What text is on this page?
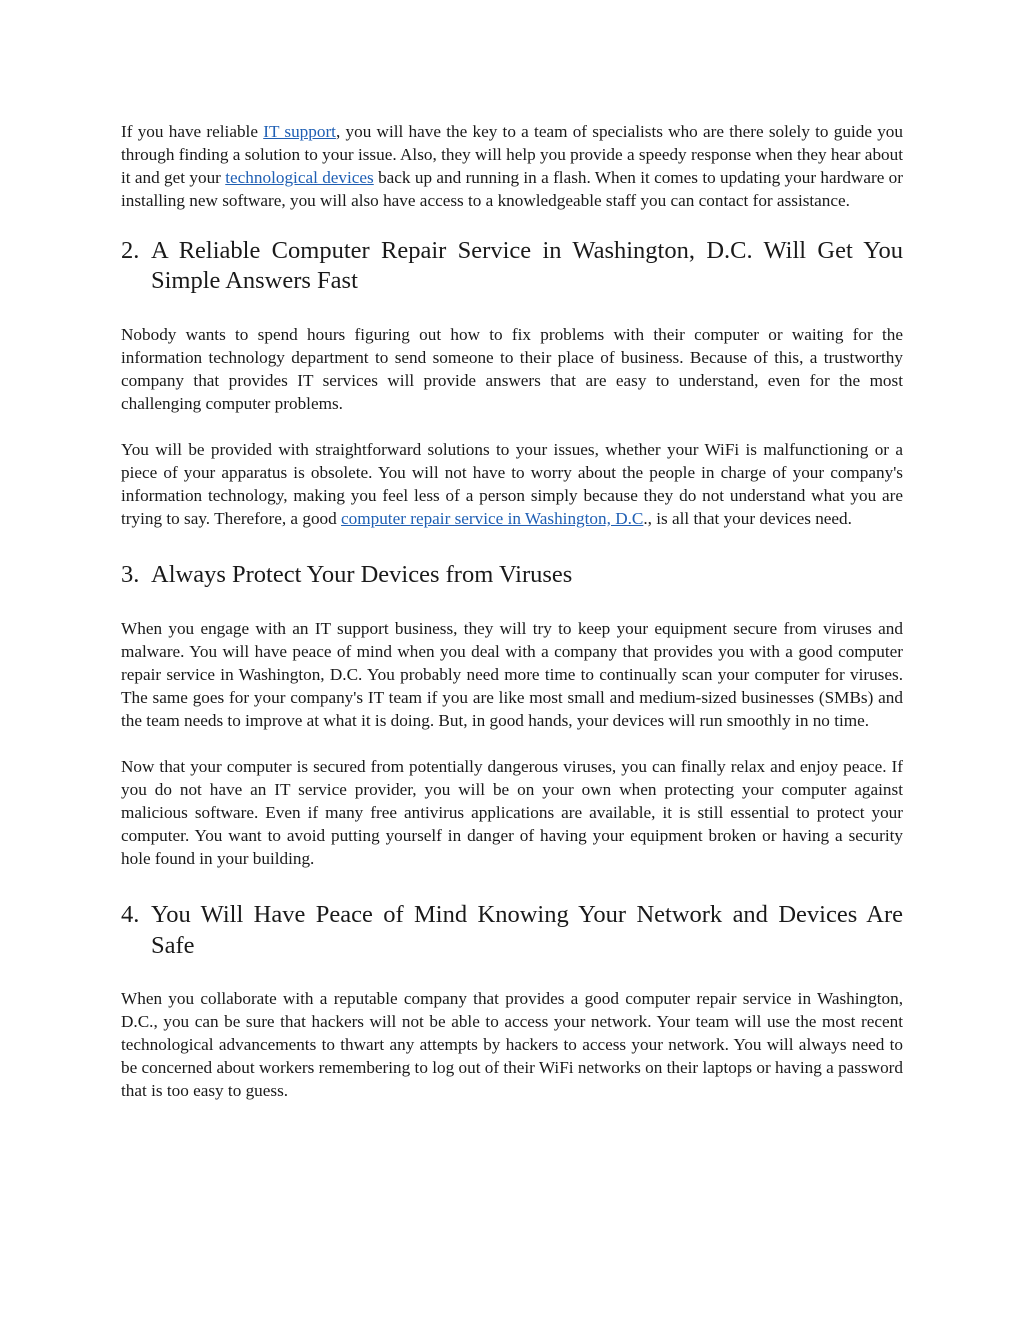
If you have reliable IT support, you will have the key to a team of specialists who are there solely to guide you through finding a solution to your issue. Also, they will help you provide a speedy response when they hear about it and get your technological devices back up and running in a flash. When it comes to updating your hardware or installing new software, you will also have access to a knowledgeable staff you can contact for assistance.

2. A Reliable Computer Repair Service in Washington, D.C. Will Get You Simple Answers Fast

Nobody wants to spend hours figuring out how to fix problems with their computer or waiting for the information technology department to send someone to their place of business. Because of this, a trustworthy company that provides IT services will provide answers that are easy to understand, even for the most challenging computer problems.

You will be provided with straightforward solutions to your issues, whether your WiFi is malfunctioning or a piece of your apparatus is obsolete. You will not have to worry about the people in charge of your company's information technology, making you feel less of a person simply because they do not understand what you are trying to say. Therefore, a good computer repair service in Washington, D.C., is all that your devices need.

3. Always Protect Your Devices from Viruses

When you engage with an IT support business, they will try to keep your equipment secure from viruses and malware. You will have peace of mind when you deal with a company that provides you with a good computer repair service in Washington, D.C. You probably need more time to continually scan your computer for viruses. The same goes for your company's IT team if you are like most small and medium-sized businesses (SMBs) and the team needs to improve at what it is doing. But, in good hands, your devices will run smoothly in no time.

Now that your computer is secured from potentially dangerous viruses, you can finally relax and enjoy peace. If you do not have an IT service provider, you will be on your own when protecting your computer against malicious software. Even if many free antivirus applications are available, it is still essential to protect your computer. You want to avoid putting yourself in danger of having your equipment broken or having a security hole found in your building.

4. You Will Have Peace of Mind Knowing Your Network and Devices Are Safe

When you collaborate with a reputable company that provides a good computer repair service in Washington, D.C., you can be sure that hackers will not be able to access your network. Your team will use the most recent technological advancements to thwart any attempts by hackers to access your network. You will always need to be concerned about workers remembering to log out of their WiFi networks on their laptops or having a password that is too easy to guess.
